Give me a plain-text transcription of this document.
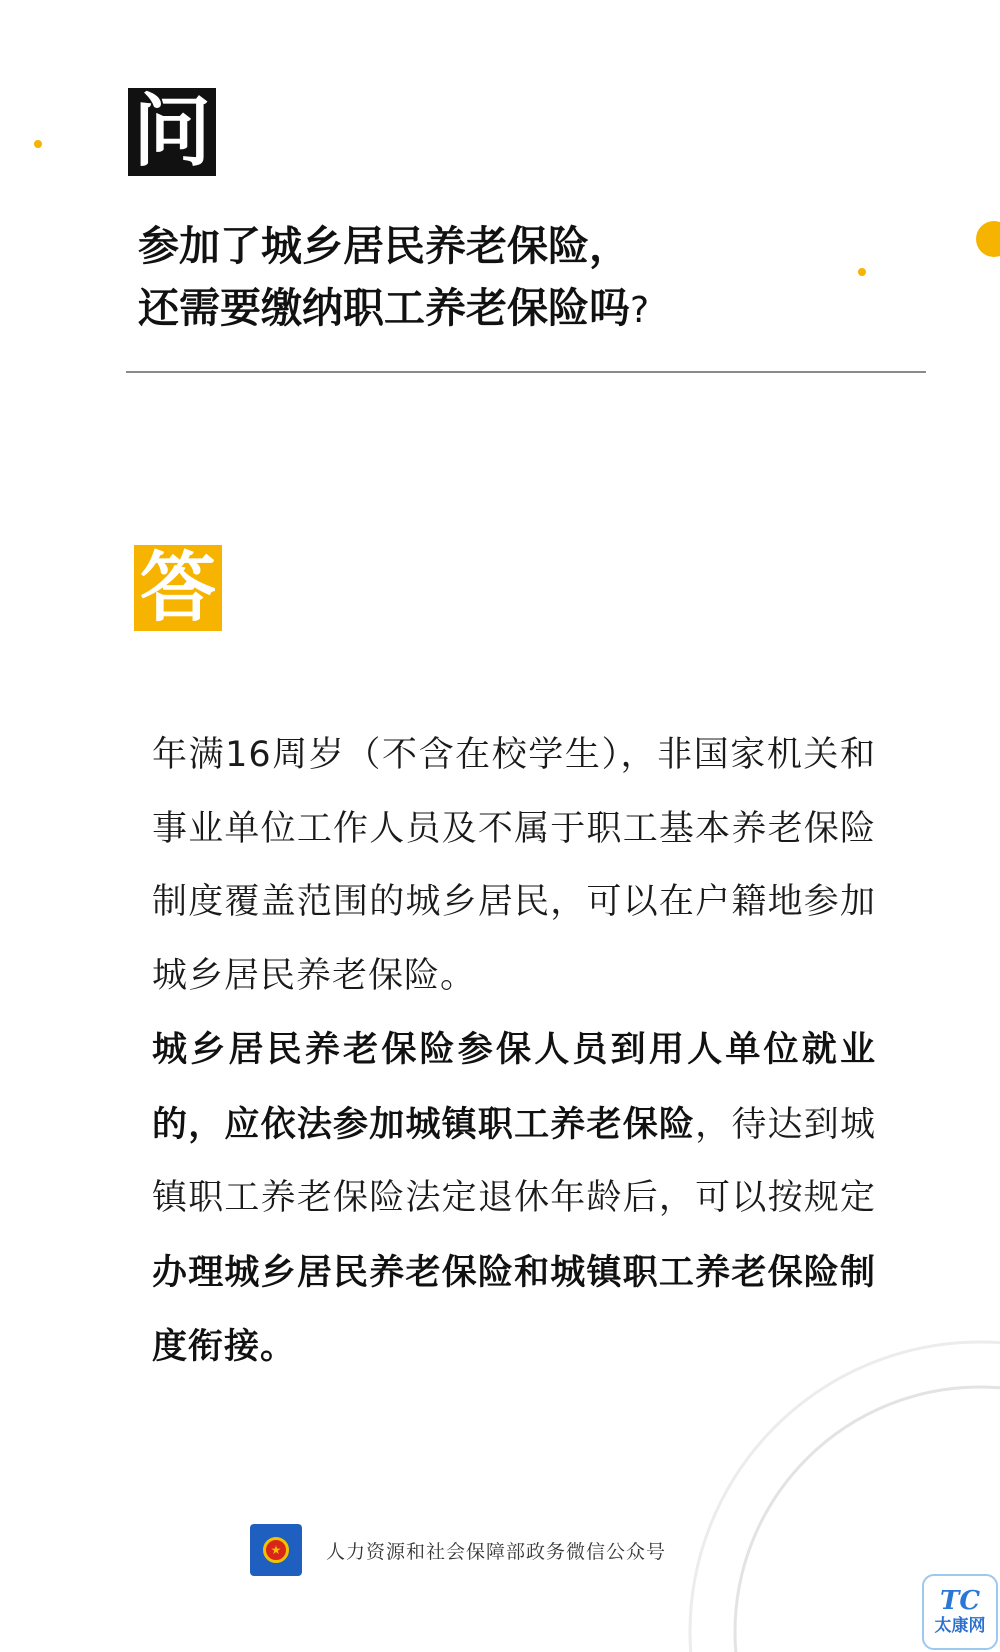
问
参加了城乡居民养老保险，
还需要缴纳职工养老保险吗?
答

年满16周岁（不含在校学生），非国家机关和事业单位工作人员及不属于职工基本养老保险制度覆盖范围的城乡居民，可以在户籍地参加城乡居民养老保险。

城乡居民养老保险参保人员到用人单位就业的，应依法参加城镇职工养老保险，待达到城镇职工养老保险法定退休年龄后，可以按规定办理城乡居民养老保险和城镇职工养老保险制度衔接。

★	人力资源和社会保障部政务微信公众号
TC
太康网
